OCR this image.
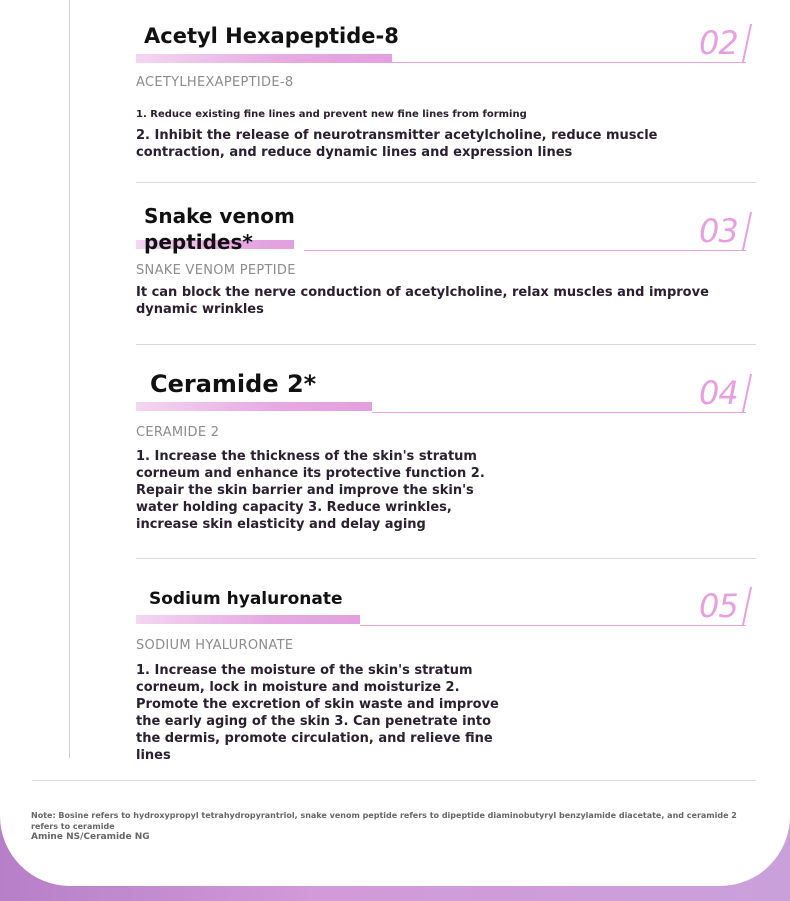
Acetyl Hexapeptide-8	02
ACETYLHEXAPEPTIDE-8
1. Reduce existing fine lines and prevent new fine lines from forming
2. Inhibit the release of neurotransmitter acetylcholine, reduce muscle contraction, and reduce dynamic lines and expression lines
Snake venom peptides*	03
SNAKE VENOM PEPTIDE
It can block the nerve conduction of acetylcholine, relax muscles and improve dynamic wrinkles
Ceramide 2*	04
CERAMIDE 2
1. Increase the thickness of the skin's stratum corneum and enhance its protective function 2. Repair the skin barrier and improve the skin's water holding capacity 3. Reduce wrinkles, increase skin elasticity and delay aging
Sodium hyaluronate	05
SODIUM HYALURONATE
1. Increase the moisture of the skin's stratum corneum, lock in moisture and moisturize 2. Promote the excretion of skin waste and improve the early aging of the skin 3. Can penetrate into the dermis, promote circulation, and relieve fine lines
Note: Bosine refers to hydroxypropyl tetrahydropyrantriol, snake venom peptide refers to dipeptide diaminobutyryl benzylamide diacetate, and ceramide 2 refers to ceramide
Amine NS/Ceramide NG
